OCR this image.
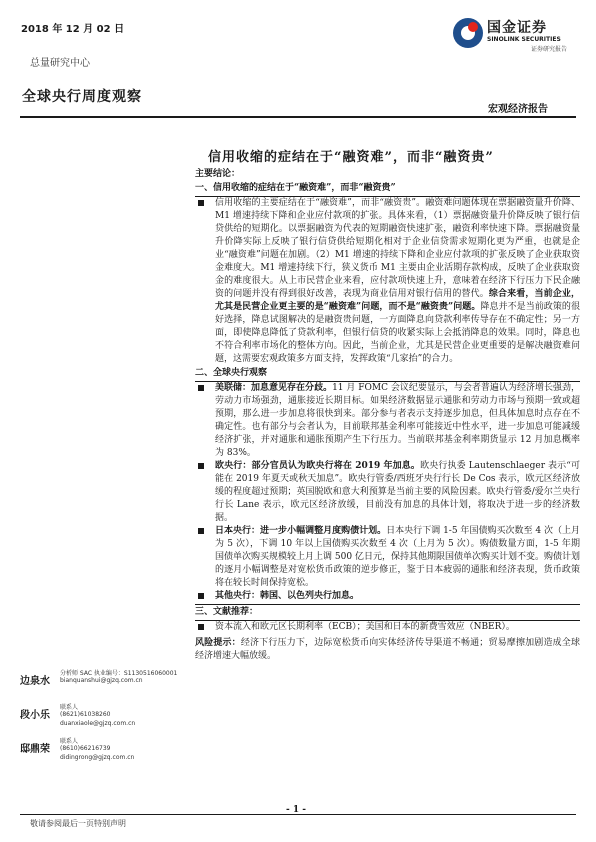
2018 年 12 月 02 日	国金证券
SINOLINK SECURITIES
证券研究报告
总量研究中心
全球央行周度观察
宏观经济报告
信用收缩的症结在于“融资难”，而非“融资贵”
主要结论：
一、信用收缩的症结在于“融资难”，而非“融资贵”
信用收缩的主要症结在于“融资难”，而非“融资贵”。融资难问题体现在票据融资量升价降、M1 增速持续下降和企业应付款项的扩张。具体来看，（1）票据融资量升价降反映了银行信贷供给的短期化。以票据融资为代表的短期融资快速扩张，融资利率快速下降。票据融资量升价降实际上反映了银行信贷供给短期化相对于企业信贷需求短期化更为严重，也就是企业“融资难”问题在加剧。（2）M1 增速的持续下降和企业应付款项的扩张反映了企业获取资金难度大。M1 增速持续下行，狭义货币 M1 主要由企业活期存款构成，反映了企业获取资金的难度很大。从上市民营企业来看，应付款项快速上升，意味着在经济下行压力下民企融资的问题并没有得到很好改善，表现为商业信用对银行信用的替代。综合来看，当前企业，尤其是民营企业更主要的是“融资难”问题，而不是“融资贵”问题。降息并不是当前政策的很好选择，降息试图解决的是融资贵问题，一方面降息向贷款利率传导存在不确定性；另一方面，即使降息降低了贷款利率，但银行信贷的收紧实际上会抵消降息的效果。同时，降息也不符合利率市场化的整体方向。因此，当前企业，尤其是民营企业更重要的是解决融资难问题，这需要宏观政策多方面支持，发挥政策“几家抬”的合力。
二、全球央行观察
美联储：加息意见存在分歧。11 月 FOMC 会议纪要显示，与会者普遍认为经济增长强劲，劳动力市场强劲，通胀接近长期目标。如果经济数据显示通胀和劳动力市场与预期一致或超预期，那么进一步加息将很快到来。部分参与者表示支持逐步加息，但具体加息时点存在不确定性。也有部分与会者认为，目前联邦基金利率可能接近中性水平，进一步加息可能减缓经济扩张，并对通胀和通胀预期产生下行压力。当前联邦基金利率期货显示 12 月加息概率为 83%。
欧央行：部分官员认为欧央行将在 2019 年加息。欧央行执委 Lautenschlaeger 表示“可能在 2019 年夏天或秋天加息”。欧央行管委/西班牙央行行长 De Cos 表示，欧元区经济放缓的程度超过预期；英国脱欧和意大利预算是当前主要的风险因素。欧央行管委/爱尔兰央行行长 Lane 表示，欧元区经济放缓，目前没有加息的具体计划，将取决于进一步的经济数据。
日本央行：进一步小幅调整月度购债计划。日本央行下调 1-5 年国债购买次数至 4 次（上月为 5 次），下调 10 年以上国债购买次数至 4 次（上月为 5 次）。购债数量方面，1-5 年期国债单次购买规模较上月上调 500 亿日元，保持其他期限国债单次购买计划不变。购债计划的逐月小幅调整是对宽松货币政策的逆步修正，鉴于日本疲弱的通胀和经济表现，货币政策将在较长时间保持宽松。
其他央行：韩国、以色列央行加息。
三、文献推荐：
资本流入和欧元区长期利率（ECB）；美国和日本的新费雪效应（NBER）。
风险提示：经济下行压力下，边际宽松货币向实体经济传导渠道不畅通；贸易摩擦加剧造成全球经济增速大幅放缓。
边泉水
分析师 SAC 执业编号：S1130516060001
bianquanshui@gjzq.com.cn
段小乐
联系人
(8621)61038260
duanxiaole@gjzq.com.cn
邸鼎荣
联系人
(8610)66216739
didingrong@gjzq.com.cn
- 1 -
敬请参阅最后一页特别声明
